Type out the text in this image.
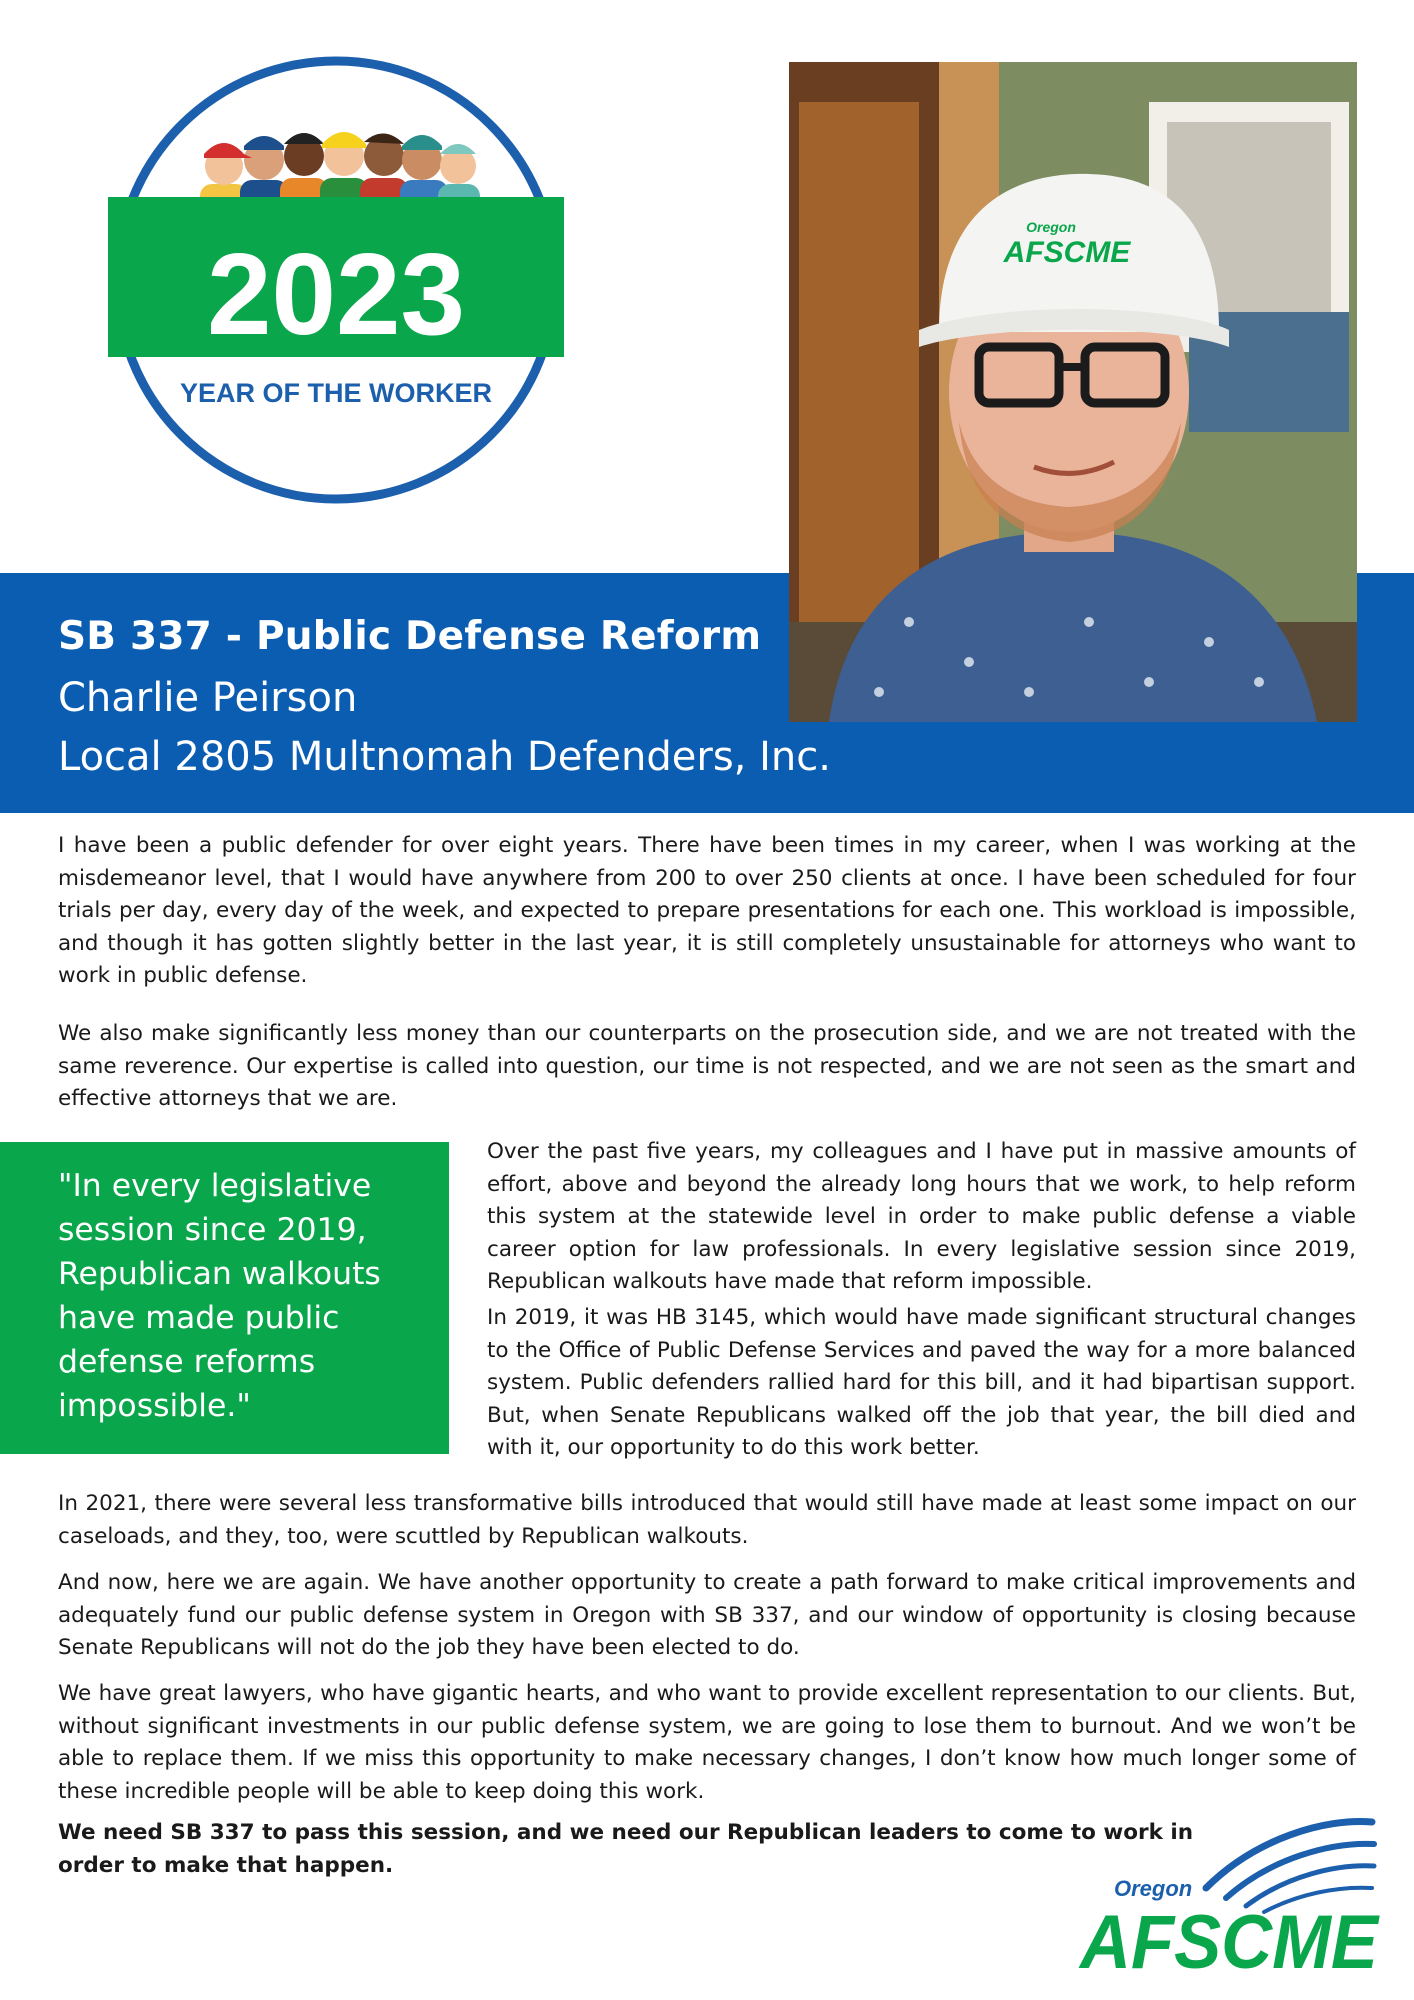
2023
YEAR OF THE WORKER
SB 337 - Public Defense Reform
Charlie Peirson
Local 2805 Multnomah Defenders, Inc.
Oregon
AFSCME

I have been a public defender for over eight years. There have been times in my career, when I was working at the misdemeanor level, that I would have anywhere from 200 to over 250 clients at once. I have been scheduled for four trials per day, every day of the week, and expected to prepare presentations for each one. This workload is impossible, and though it has gotten slightly better in the last year, it is still completely unsustainable for attorneys who want to work in public defense.

We also make significantly less money than our counterparts on the prosecution side, and we are not treated with the same reverence. Our expertise is called into question, our time is not respected, and we are not seen as the smart and effective attorneys that we are.

"In every legislative session since 2019, Republican walkouts have made public defense reforms impossible."

Over the past five years, my colleagues and I have put in massive amounts of effort, above and beyond the already long hours that we work, to help reform this system at the statewide level in order to make public defense a viable career option for law professionals. In every legislative session since 2019, Republican walkouts have made that reform impossible.

In 2019, it was HB 3145, which would have made significant structural changes to the Office of Public Defense Services and paved the way for a more balanced system. Public defenders rallied hard for this bill, and it had bipartisan support. But, when Senate Republicans walked off the job that year, the bill died and with it, our opportunity to do this work better.

In 2021, there were several less transformative bills introduced that would still have made at least some impact on our caseloads, and they, too, were scuttled by Republican walkouts.

And now, here we are again. We have another opportunity to create a path forward to make critical improvements and adequately fund our public defense system in Oregon with SB 337, and our window of opportunity is closing because Senate Republicans will not do the job they have been elected to do.

We have great lawyers, who have gigantic hearts, and who want to provide excellent representation to our clients. But, without significant investments in our public defense system, we are going to lose them to burnout. And we won’t be able to replace them. If we miss this opportunity to make necessary changes, I don’t know how much longer some of these incredible people will be able to keep doing this work.

We need SB 337 to pass this session, and we need our Republican leaders to come to work in order to make that happen.

Oregon
AFSCME
